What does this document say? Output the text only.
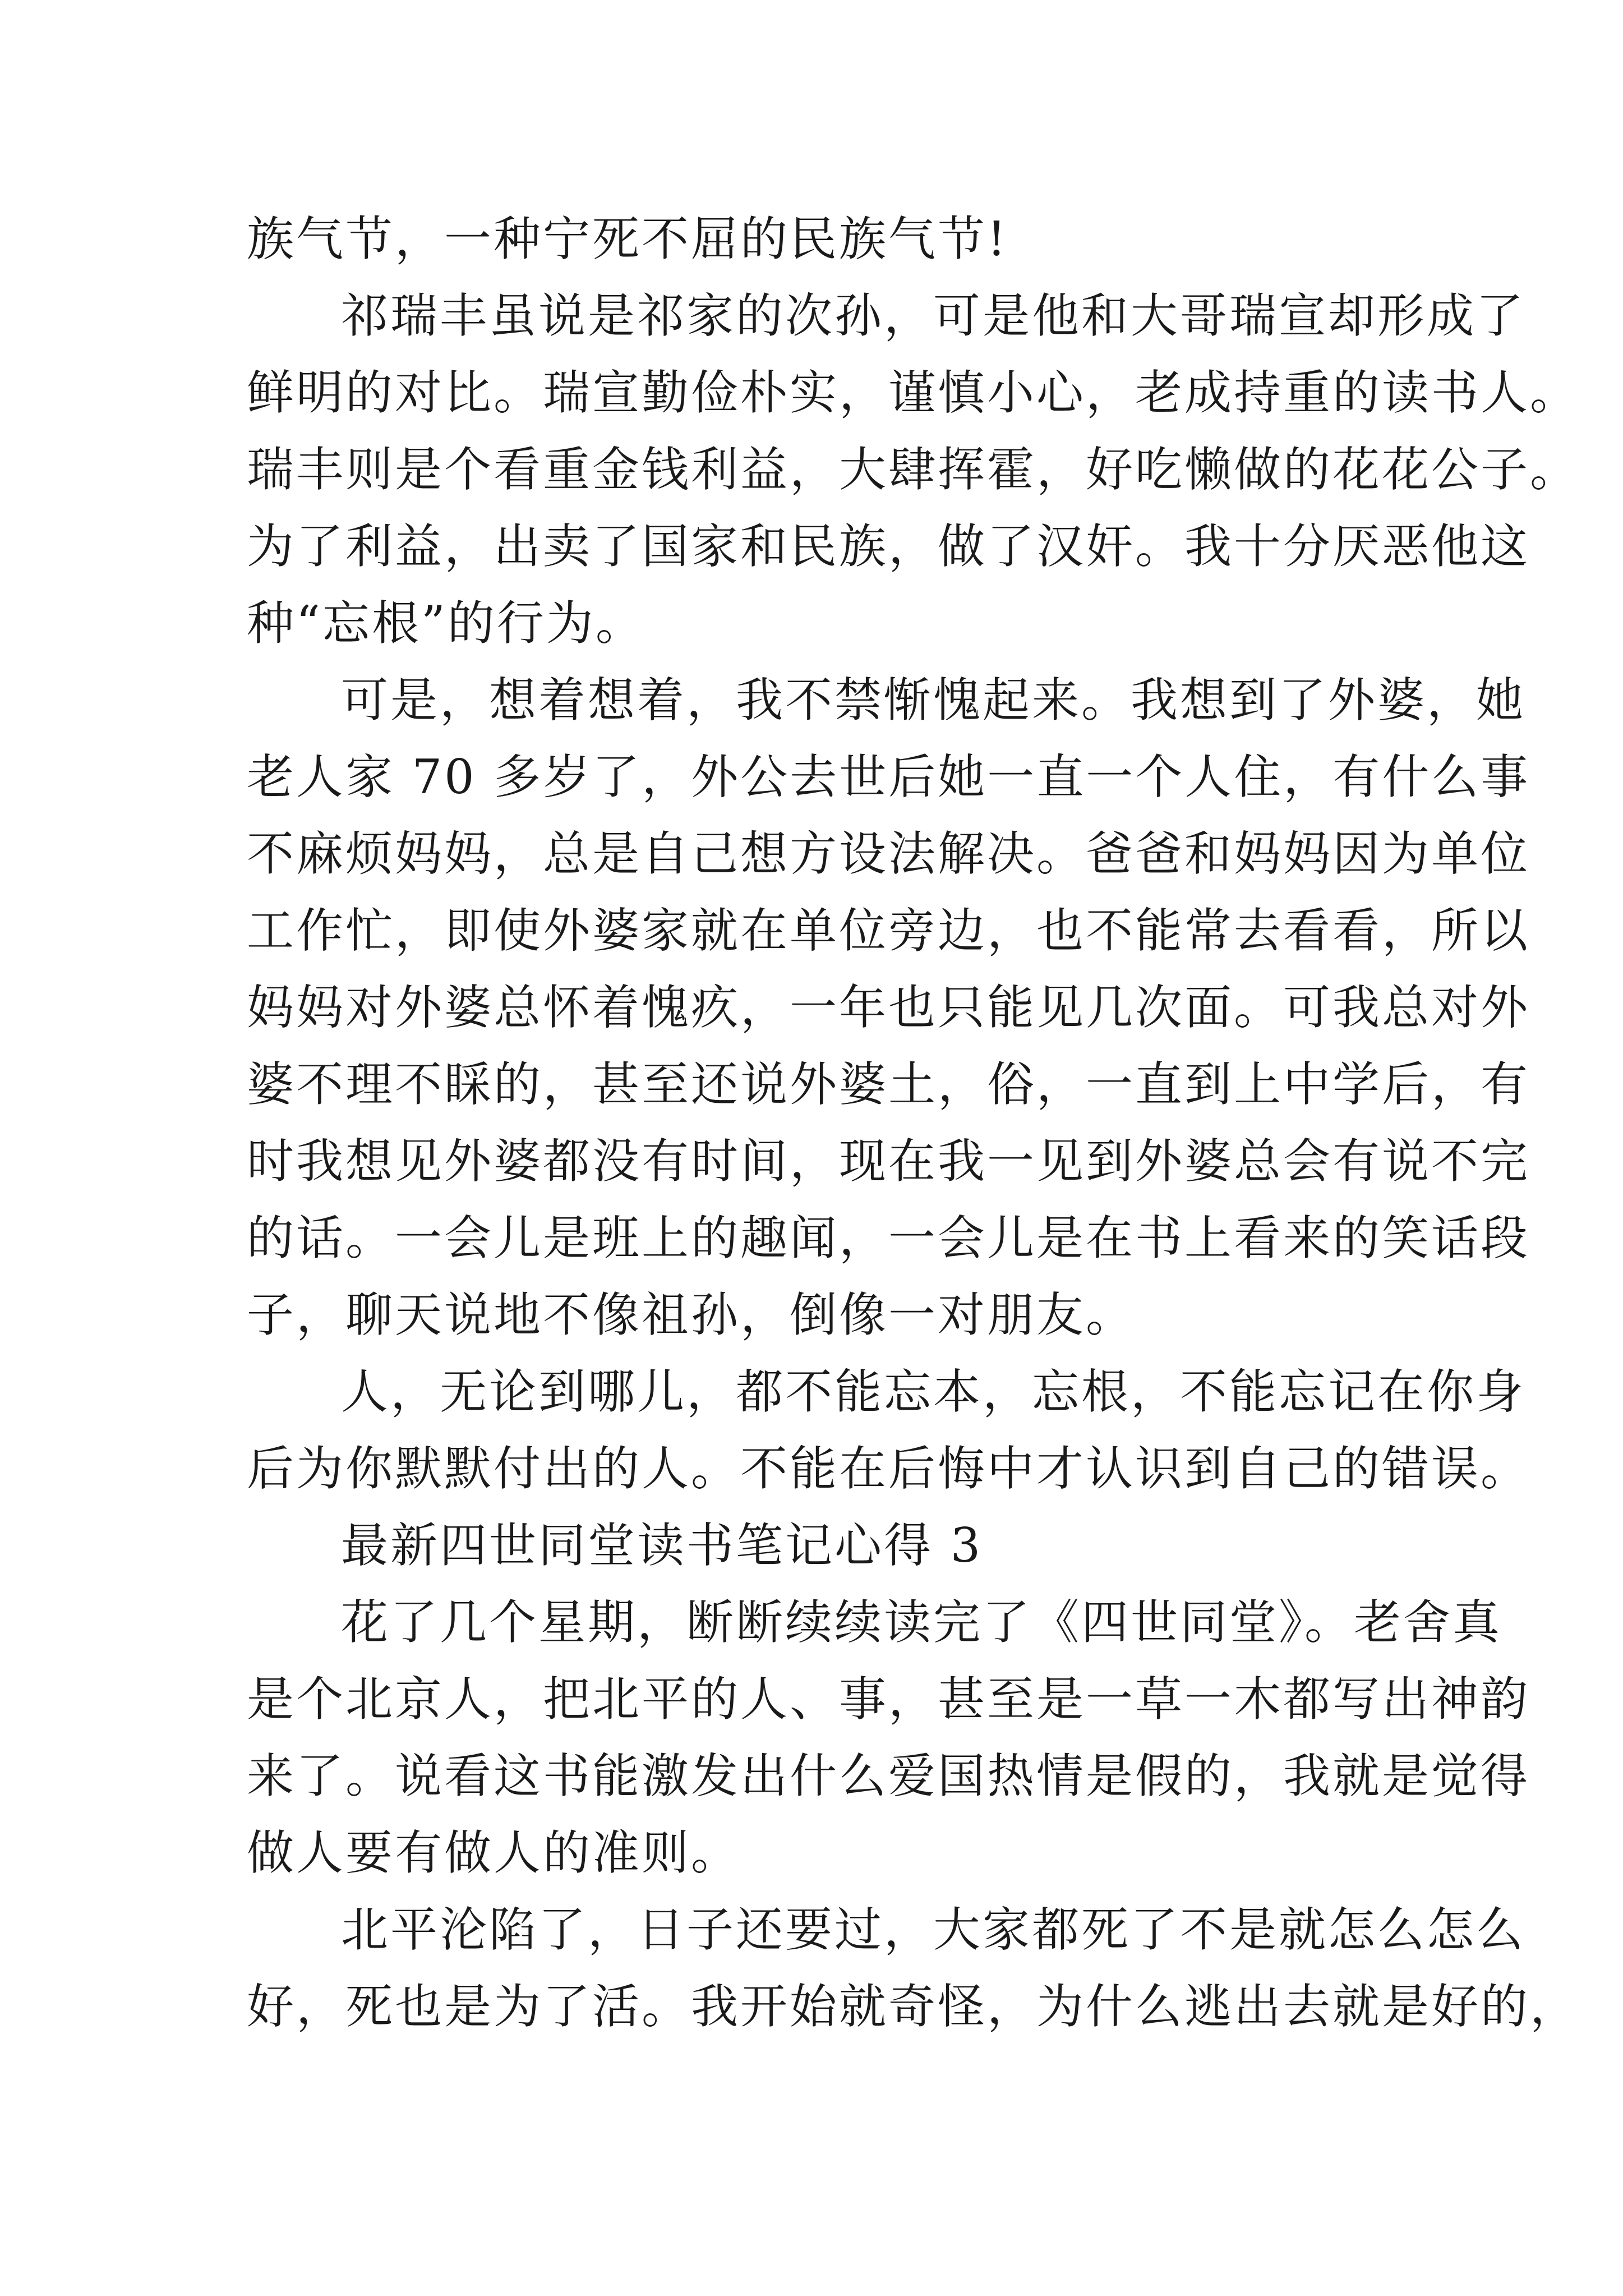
族气节，一种宁死不屈的民族气节!
祁瑞丰虽说是祁家的次孙，可是他和大哥瑞宣却形成了
鲜明的对比。瑞宣勤俭朴实，谨慎小心，老成持重的读书人。
瑞丰则是个看重金钱利益，大肆挥霍，好吃懒做的花花公子。
为了利益，出卖了国家和民族，做了汉奸。我十分厌恶他这
种“忘根”的行为。
可是，想着想着，我不禁惭愧起来。我想到了外婆，她
老人家 70 多岁了，外公去世后她一直一个人住，有什么事
不麻烦妈妈，总是自己想方设法解决。爸爸和妈妈因为单位
工作忙，即使外婆家就在单位旁边，也不能常去看看，所以
妈妈对外婆总怀着愧疚，一年也只能见几次面。可我总对外
婆不理不睬的，甚至还说外婆土，俗，一直到上中学后，有
时我想见外婆都没有时间，现在我一见到外婆总会有说不完
的话。一会儿是班上的趣闻，一会儿是在书上看来的笑话段
子，聊天说地不像祖孙，倒像一对朋友。
人，无论到哪儿，都不能忘本，忘根，不能忘记在你身
后为你默默付出的人。不能在后悔中才认识到自己的错误。
最新四世同堂读书笔记心得 3
花了几个星期，断断续续读完了《四世同堂》。老舍真
是个北京人，把北平的人、事，甚至是一草一木都写出神韵
来了。说看这书能激发出什么爱国热情是假的，我就是觉得
做人要有做人的准则。
北平沦陷了，日子还要过，大家都死了不是就怎么怎么
好，死也是为了活。我开始就奇怪，为什么逃出去就是好的，
